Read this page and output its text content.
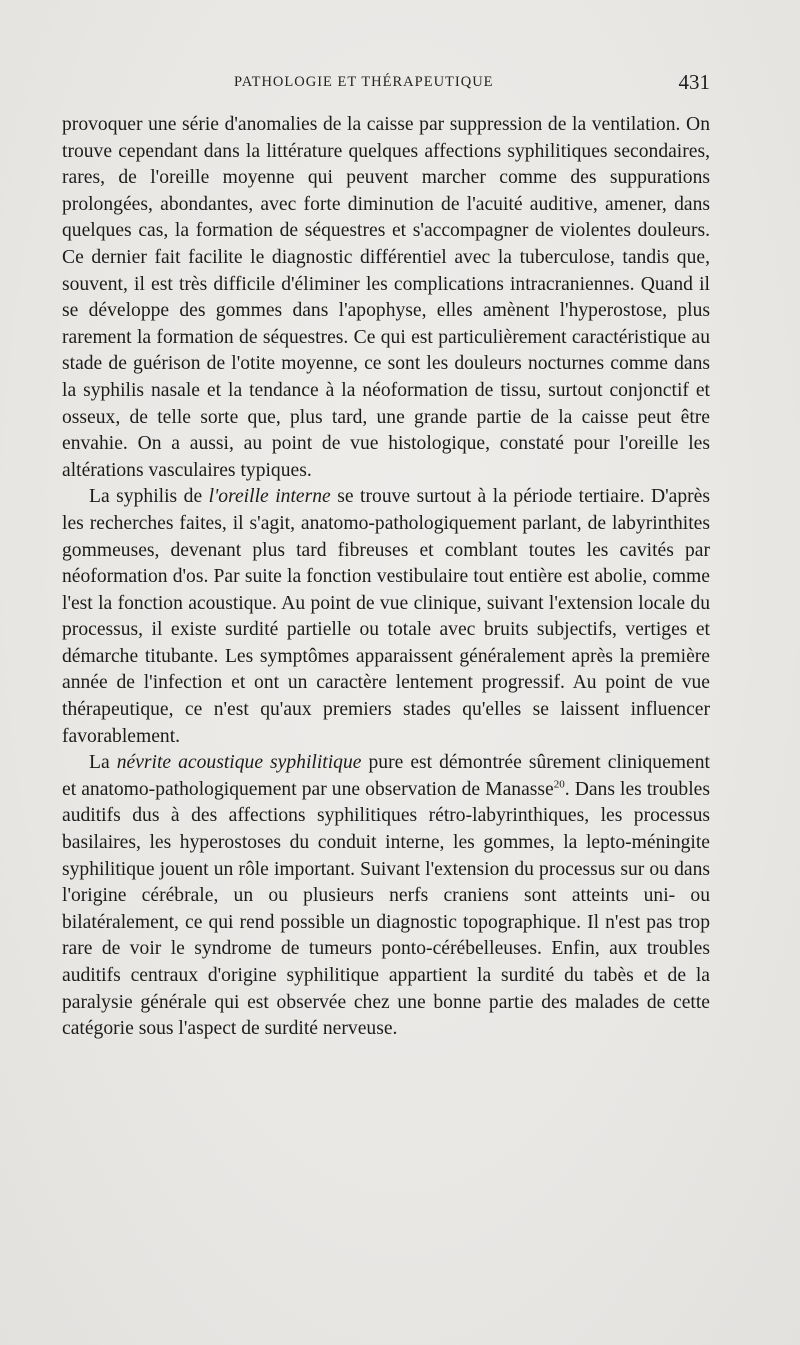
PATHOLOGIE ET THÉRAPEUTIQUE	431

provoquer une série d'anomalies de la caisse par suppression de la ventilation. On trouve cependant dans la littérature quelques affections syphilitiques secondaires, rares, de l'oreille moyenne qui peuvent marcher comme des suppurations prolongées, abondantes, avec forte diminution de l'acuité auditive, amener, dans quelques cas, la formation de séquestres et s'accompagner de violentes douleurs. Ce dernier fait facilite le diagnostic différentiel avec la tuberculose, tandis que, souvent, il est très difficile d'éliminer les complications intracraniennes. Quand il se développe des gommes dans l'apophyse, elles amènent l'hyperostose, plus rarement la formation de séquestres. Ce qui est particulièrement caractéristique au stade de guérison de l'otite moyenne, ce sont les douleurs nocturnes comme dans la syphilis nasale et la tendance à la néoformation de tissu, surtout conjonctif et osseux, de telle sorte que, plus tard, une grande partie de la caisse peut être envahie. On a aussi, au point de vue histologique, constaté pour l'oreille les altérations vasculaires typiques.

La syphilis de l'oreille interne se trouve surtout à la période tertiaire. D'après les recherches faites, il s'agit, anatomo-pathologiquement parlant, de labyrinthites gommeuses, devenant plus tard fibreuses et comblant toutes les cavités par néoformation d'os. Par suite la fonction vestibulaire tout entière est abolie, comme l'est la fonction acoustique. Au point de vue clinique, suivant l'extension locale du processus, il existe surdité partielle ou totale avec bruits subjectifs, vertiges et démarche titubante. Les symptômes apparaissent généralement après la première année de l'infection et ont un caractère lentement progressif. Au point de vue thérapeutique, ce n'est qu'aux premiers stades qu'elles se laissent influencer favorablement.

La névrite acoustique syphilitique pure est démontrée sûrement cliniquement et anatomo-pathologiquement par une observation de Manasse$^{20}$. Dans les troubles auditifs dus à des affections syphilitiques rétro-labyrinthiques, les processus basilaires, les hyperostoses du conduit interne, les gommes, la lepto-méningite syphilitique jouent un rôle important. Suivant l'extension du processus sur ou dans l'origine cérébrale, un ou plusieurs nerfs craniens sont atteints uni- ou bilatéralement, ce qui rend possible un diagnostic topographique. Il n'est pas trop rare de voir le syndrome de tumeurs ponto-cérébelleuses. Enfin, aux troubles auditifs centraux d'origine syphilitique appartient la surdité du tabès et de la paralysie générale qui est observée chez une bonne partie des malades de cette catégorie sous l'aspect de surdité nerveuse.
